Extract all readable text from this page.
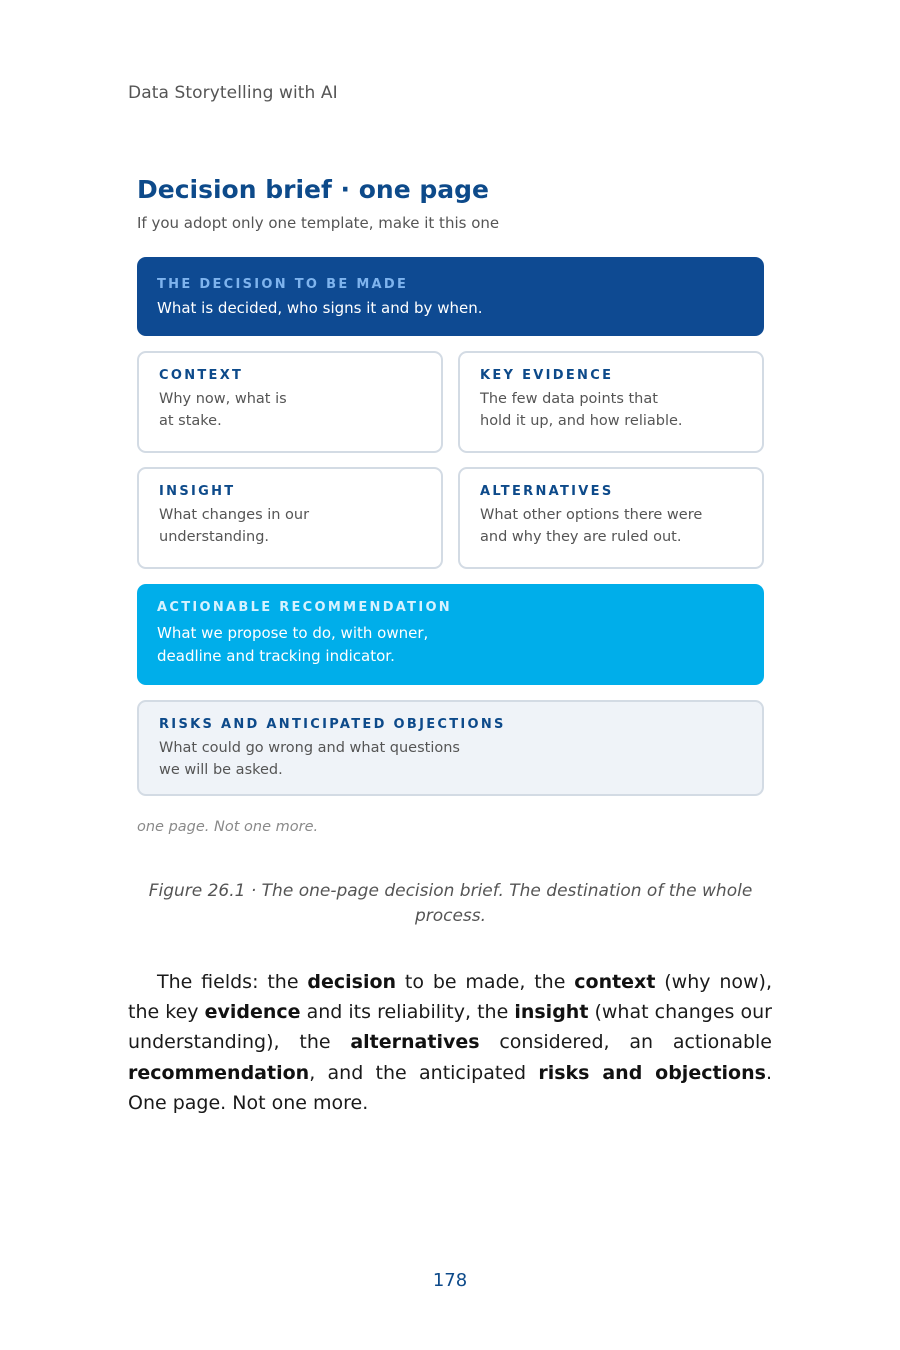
Data Storytelling with AI
Decision brief · one page
If you adopt only one template, make it this one
THE DECISION TO BE MADE
What is decided, who signs it and by when.
CONTEXT
Why now, what is
at stake.
KEY EVIDENCE
The few data points that
hold it up, and how reliable.
INSIGHT
What changes in our
understanding.
ALTERNATIVES
What other options there were
and why they are ruled out.
ACTIONABLE RECOMMENDATION
What we propose to do, with owner,
deadline and tracking indicator.
RISKS AND ANTICIPATED OBJECTIONS
What could go wrong and what questions
we will be asked.
one page. Not one more.
Figure 26.1 · The one-page decision brief. The destination of the whole process.

The fields: the decision to be made, the context (why now), the key evidence and its reliability, the insight (what changes our understanding), the alternatives considered, an actionable recommendation, and the anticipated risks and objections. One page. Not one more.

178
